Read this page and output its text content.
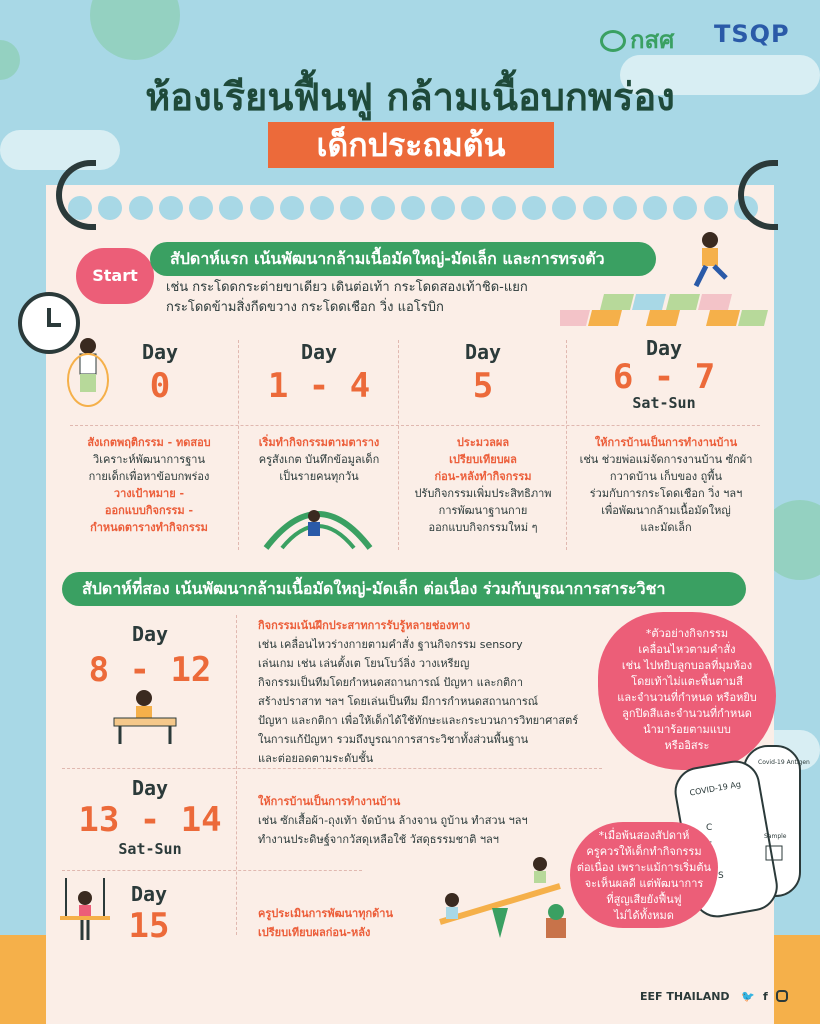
กสศ TSQP
ห้องเรียนฟื้นฟู กล้ามเนื้อบกพร่อง
เด็กประถมต้น
Start
สัปดาห์แรก เน้นพัฒนากล้ามเนื้อมัดใหญ่-มัดเล็ก และการทรงตัว
เช่น กระโดดกระต่ายขาเดียว เดินต่อเท้า กระโดดสองเท้าชิด-แยก
กระโดดข้ามสิ่งกีดขวาง กระโดดเชือก วิ่ง แอโรบิก
Day
0
สังเกตพฤติกรรม - ทดสอบ
วิเคราะห์พัฒนาการฐาน
กายเด็กเพื่อหาข้อบกพร่อง
วางเป้าหมาย -
ออกแบบกิจกรรม -
กำหนดตารางทำกิจกรรม
Day
1 - 4
เริ่มทำกิจกรรมตามตาราง
ครูสังเกต บันทึกข้อมูลเด็ก
เป็นรายคนทุกวัน
Day
5
ประมวลผล
เปรียบเทียบผล
ก่อน-หลังทำกิจกรรม
ปรับกิจกรรมเพิ่มประสิทธิภาพ
การพัฒนาฐานกาย
ออกแบบกิจกรรมใหม่ ๆ
Day
6 - 7
Sat-Sun
ให้การบ้านเป็นการทำงานบ้าน
เช่น ช่วยพ่อแม่จัดการงานบ้าน ซักผ้า
กวาดบ้าน เก็บของ ถูพื้น
ร่วมกับการกระโดดเชือก วิ่ง ฯลฯ
เพื่อพัฒนากล้ามเนื้อมัดใหญ่
และมัดเล็ก
สัปดาห์ที่สอง เน้นพัฒนากล้ามเนื้อมัดใหญ่-มัดเล็ก ต่อเนื่อง ร่วมกับบูรณาการสาระวิชา
Day
8 - 12
กิจกรรมเน้นฝึกประสาทการรับรู้หลายช่องทาง
เช่น เคลื่อนไหวร่างกายตามคำสั่ง ฐานกิจกรรม sensory
เล่นเกม เช่น เล่นตั้งเต โยนโบว์ลิ่ง วางเหรียญ
กิจกรรมเป็นทีมโดยกำหนดสถานการณ์ ปัญหา และกติกา
สร้างปราสาท ฯลฯ โดยเล่นเป็นทีม มีการกำหนดสถานการณ์
ปัญหา และกติกา เพื่อให้เด็กได้ใช้ทักษะและกระบวนการวิทยาศาสตร์
ในการแก้ปัญหา รวมถึงบูรณาการสาระวิชาทั้งส่วนพื้นฐาน
และต่อยอดตามระดับชั้น
*ตัวอย่างกิจกรรม
เคลื่อนไหวตามคำสั่ง
เช่น ไปหยิบลูกบอลที่มุมห้อง
โดยเท้าไม่แตะพื้นตามสี
และจำนวนที่กำหนด หรือหยิบ
ลูกปิดสีและจำนวนที่กำหนด
นำมาร้อยตามแบบ
หรืออิสระ
Day
13 - 14
Sat-Sun
ให้การบ้านเป็นการทำงานบ้าน
เช่น ซักเสื้อผ้า-ถุงเท้า จัดบ้าน ล้างจาน ถูบ้าน ทำสวน ฯลฯ
ทำงานประดิษฐ์จากวัสดุเหลือใช้ วัสดุธรรมชาติ ฯลฯ
COVID-19 Ag
Covid-19 Antigen
C
S
Sample
*เมื่อพ้นสองสัปดาห์
ครูควรให้เด็กทำกิจกรรม
ต่อเนื่อง เพราะแม้การเริ่มต้น
จะเห็นผลดี แต่พัฒนาการ
ที่สูญเสียยังฟื้นฟู
ไม่ได้ทั้งหมด
Day
15	ครูประเมินการพัฒนาทุกด้าน
เปรียบเทียบผลก่อน-หลัง
EEF THAILAND 🐦 f
